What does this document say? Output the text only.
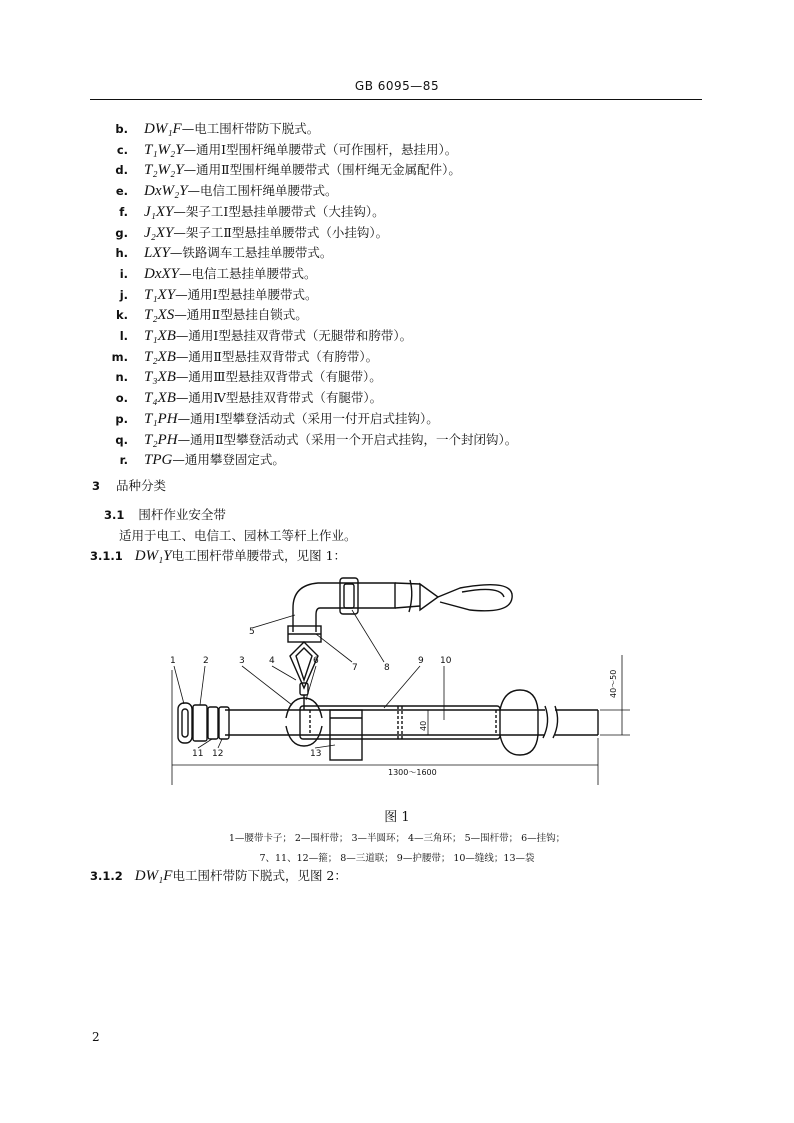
GB 6095—85
b. DW₁F—电工围杆带防下脱式。
c. T₁W₂Y—通用Ⅰ型围杆绳单腰带式（可作围杆，悬挂用）。
d. T₂W₂Y—通用Ⅱ型围杆绳单腰带式（围杆绳无金属配件）。
e. DxW₂Y—电信工围杆绳单腰带式。
f. J₁XY—架子工Ⅰ型悬挂单腰带式（大挂钩）。
g. J₂XY—架子工Ⅱ型悬挂单腰带式（小挂钩）。
h. LXY—铁路调车工悬挂单腰带式。
i. DxXY—电信工悬挂单腰带式。
j. T₁XY—通用Ⅰ型悬挂单腰带式。
k. T₂XS—通用Ⅱ型悬挂自锁式。
l. T₁XB—通用Ⅰ型悬挂双背带式（无腿带和胯带）。
m. T₂XB—通用Ⅱ型悬挂双背带式（有胯带）。
n. T₃XB—通用Ⅲ型悬挂双背带式（有腿带）。
o. T₄XB—通用Ⅳ型悬挂双背带式（有腿带）。
p. T₁PH—通用Ⅰ型攀登活动式（采用一付开启式挂钩）。
q. T₂PH—通用Ⅱ型攀登活动式（采用一个开启式挂钩，一个封闭钩）。
r. TPG—通用攀登固定式。
3 品种分类
3.1 围杆作业安全带
适用于电工、电信工、园林工等杆上作业。
3.1.1 DW₁Y电工围杆带单腰带式，见图 1：
1	2	3	4
5
6
7	8
9 10
11 12	13
1300～1600
40～50
40
图 1
1—腰带卡子； 2—围杆带； 3—半圆环； 4—三角环； 5—围杆带； 6—挂钩；
7、11、12—箍； 8—三道联； 9—护腰带； 10—缝线；13—袋
3.1.2 DW₁F电工围杆带防下脱式，见图 2：
2
